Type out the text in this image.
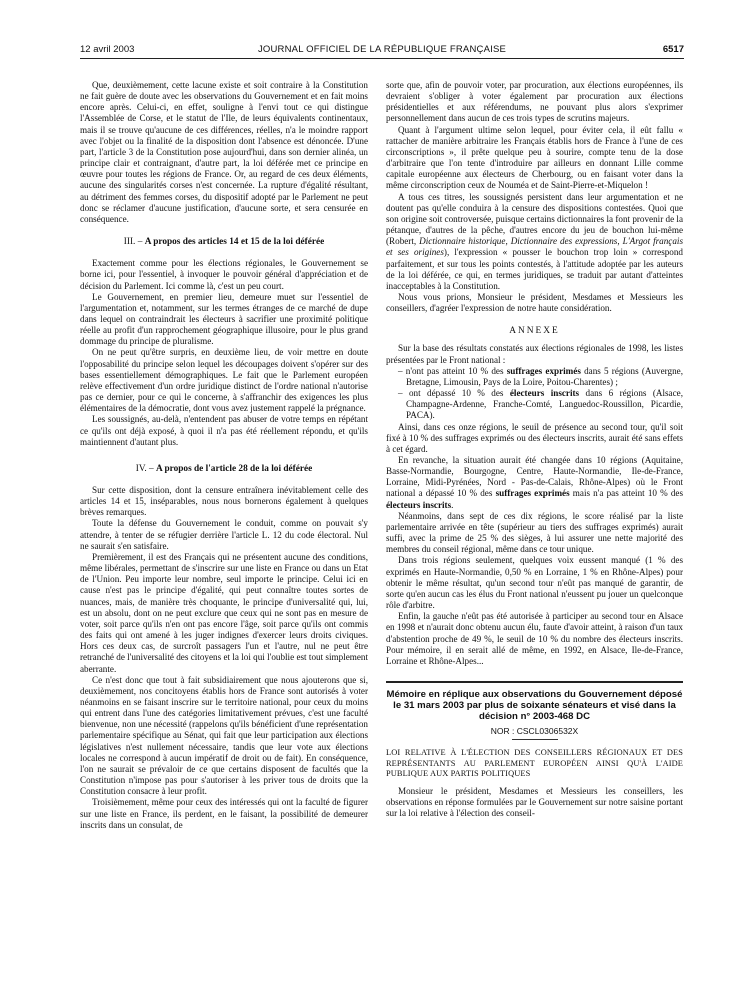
12 avril 2003	JOURNAL OFFICIEL DE LA RÉPUBLIQUE FRANÇAISE	6517

Que, deuxièmement, cette lacune existe et soit contraire à la Constitution ne fait guère de doute avec les observations du Gouvernement et en fait moins encore après. Celui-ci, en effet, souligne à l'envi tout ce qui distingue l'Assemblée de Corse, et le statut de l'Ile, de leurs équivalents continentaux, mais il se trouve qu'aucune de ces différences, réelles, n'a le moindre rapport avec l'objet ou la finalité de la disposition dont l'absence est dénoncée. D'une part, l'article 3 de la Constitution pose aujourd'hui, dans son dernier alinéa, un principe clair et contraignant, d'autre part, la loi déférée met ce principe en œuvre pour toutes les régions de France. Or, au regard de ces deux éléments, aucune des singularités corses n'est concernée. La rupture d'égalité résultant, au détriment des femmes corses, du dispositif adopté par le Parlement ne peut donc se réclamer d'aucune justification, d'aucune sorte, et sera censurée en conséquence.

III. – A propos des articles 14 et 15 de la loi déférée

Exactement comme pour les élections régionales, le Gouvernement se borne ici, pour l'essentiel, à invoquer le pouvoir général d'appréciation et de décision du Parlement. Ici comme là, c'est un peu court.

Le Gouvernement, en premier lieu, demeure muet sur l'essentiel de l'argumentation et, notamment, sur les termes étranges de ce marché de dupe dans lequel on contraindrait les électeurs à sacrifier une proximité politique réelle au profit d'un rapprochement géographique illusoire, pour le plus grand dommage du principe de pluralisme.

On ne peut qu'être surpris, en deuxième lieu, de voir mettre en doute l'opposabilité du principe selon lequel les découpages doivent s'opérer sur des bases essentiellement démographiques. Le fait que le Parlement européen relève effectivement d'un ordre juridique distinct de l'ordre national n'autorise pas ce dernier, pour ce qui le concerne, à s'affranchir des exigences les plus élémentaires de la démocratie, dont vous avez justement rappelé la prégnance.

Les soussignés, au-delà, n'entendent pas abuser de votre temps en répétant ce qu'ils ont déjà exposé, à quoi il n'a pas été réellement répondu, et qu'ils maintiennent d'autant plus.

IV. – A propos de l'article 28 de la loi déférée

Sur cette disposition, dont la censure entraînera inévitablement celle des articles 14 et 15, inséparables, nous nous bornerons également à quelques brèves remarques.

Toute la défense du Gouvernement le conduit, comme on pouvait s'y attendre, à tenter de se réfugier derrière l'article L. 12 du code électoral. Nul ne saurait s'en satisfaire.

Premièrement, il est des Français qui ne présentent aucune des conditions, même libérales, permettant de s'inscrire sur une liste en France ou dans un Etat de l'Union. Peu importe leur nombre, seul importe le principe. Celui ici en cause n'est pas le principe d'égalité, qui peut connaître toutes sortes de nuances, mais, de manière très choquante, le principe d'universalité qui, lui, est un absolu, dont on ne peut exclure que ceux qui ne sont pas en mesure de voter, soit parce qu'ils n'en ont pas encore l'âge, soit parce qu'ils ont commis des faits qui ont amené à les juger indignes d'exercer leurs droits civiques. Hors ces deux cas, de surcroît passagers l'un et l'autre, nul ne peut être retranché de l'universalité des citoyens et la loi qui l'oublie est tout simplement aberrante.

Ce n'est donc que tout à fait subsidiairement que nous ajouterons que si, deuxièmement, nos concitoyens établis hors de France sont autorisés à voter néanmoins en se faisant inscrire sur le territoire national, pour ceux du moins qui entrent dans l'une des catégories limitativement prévues, c'est une faculté bienvenue, non une nécessité (rappelons qu'ils bénéficient d'une représentation parlementaire spécifique au Sénat, qui fait que leur participation aux élections législatives n'est nullement nécessaire, tandis que leur vote aux élections locales ne correspond à aucun impératif de droit ou de fait). En conséquence, l'on ne saurait se prévaloir de ce que certains disposent de facultés que la Constitution n'impose pas pour s'autoriser à les priver tous de droits que la Constitution consacre à leur profit.

Troisièmement, même pour ceux des intéressés qui ont la faculté de figurer sur une liste en France, ils perdent, en le faisant, la possibilité de demeurer inscrits dans un consulat, de

sorte que, afin de pouvoir voter, par procuration, aux élections européennes, ils devraient s'obliger à voter également par procuration aux élections présidentielles et aux référendums, ne pouvant plus alors s'exprimer personnellement dans aucun de ces trois types de scrutins majeurs.

Quant à l'argument ultime selon lequel, pour éviter cela, il eût fallu « rattacher de manière arbitraire les Français établis hors de France à l'une de ces circonscriptions », il prête quelque peu à sourire, compte tenu de la dose d'arbitraire que l'on tente d'introduire par ailleurs en donnant Lille comme capitale européenne aux électeurs de Cherbourg, ou en faisant voter dans la même circonscription ceux de Nouméa et de Saint-Pierre-et-Miquelon !

A tous ces titres, les soussignés persistent dans leur argumentation et ne doutent pas qu'elle conduira à la censure des dispositions contestées. Quoi que son origine soit controversée, puisque certains dictionnaires la font provenir de la pétanque, d'autres de la pêche, d'autres encore du jeu de bouchon lui-même (Robert, Dictionnaire historique, Dictionnaire des expressions, L'Argot français et ses origines), l'expression « pousser le bouchon trop loin » correspond parfaitement, et sur tous les points contestés, à l'attitude adoptée par les auteurs de la loi déférée, ce qui, en termes juridiques, se traduit par autant d'atteintes inacceptables à la Constitution.

Nous vous prions, Monsieur le président, Mesdames et Messieurs les conseillers, d'agréer l'expression de notre haute considération.

ANNEXE

Sur la base des résultats constatés aux élections régionales de 1998, les listes présentées par le Front national :

– n'ont pas atteint 10 % des suffrages exprimés dans 5 régions (Auvergne, Bretagne, Limousin, Pays de la Loire, Poitou-Charentes) ;
– ont dépassé 10 % des électeurs inscrits dans 6 régions (Alsace, Champagne-Ardenne, Franche-Comté, Languedoc-Roussillon, Picardie, PACA).

Ainsi, dans ces onze régions, le seuil de présence au second tour, qu'il soit fixé à 10 % des suffrages exprimés ou des électeurs inscrits, aurait été sans effets à cet égard.

En revanche, la situation aurait été changée dans 10 régions (Aquitaine, Basse-Normandie, Bourgogne, Centre, Haute-Normandie, Ile-de-France, Lorraine, Midi-Pyrénées, Nord - Pas-de-Calais, Rhône-Alpes) où le Front national a dépassé 10 % des suffrages exprimés mais n'a pas atteint 10 % des électeurs inscrits.

Néanmoins, dans sept de ces dix régions, le score réalisé par la liste parlementaire arrivée en tête (supérieur au tiers des suffrages exprimés) aurait suffi, avec la prime de 25 % des sièges, à lui assurer une nette majorité des membres du conseil régional, même dans ce tour unique.

Dans trois régions seulement, quelques voix eussent manqué (1 % des exprimés en Haute-Normandie, 0,50 % en Lorraine, 1 % en Rhône-Alpes) pour obtenir le même résultat, qu'un second tour n'eût pas manqué de garantir, de sorte qu'en aucun cas les élus du Front national n'eussent pu jouer un quelconque rôle d'arbitre.

Enfin, la gauche n'eût pas été autorisée à participer au second tour en Alsace en 1998 et n'aurait donc obtenu aucun élu, faute d'avoir atteint, à raison d'un taux d'abstention proche de 49 %, le seuil de 10 % du nombre des électeurs inscrits. Pour mémoire, il en serait allé de même, en 1992, en Alsace, Ile-de-France, Lorraine et Rhône-Alpes...

Mémoire en réplique aux observations du Gouvernement déposé le 31 mars 2003 par plus de soixante sénateurs et visé dans la décision n° 2003-468 DC
NOR : CSCL0306532X
LOI RELATIVE À L'ÉLECTION DES CONSEILLERS RÉGIONAUX ET DES REPRÉSENTANTS AU PARLEMENT EUROPÉEN AINSI QU'À L'AIDE PUBLIQUE AUX PARTIS POLITIQUES

Monsieur le président, Mesdames et Messieurs les conseillers, les observations en réponse formulées par le Gouvernement sur notre saisine portant sur la loi relative à l'élection des conseil-
